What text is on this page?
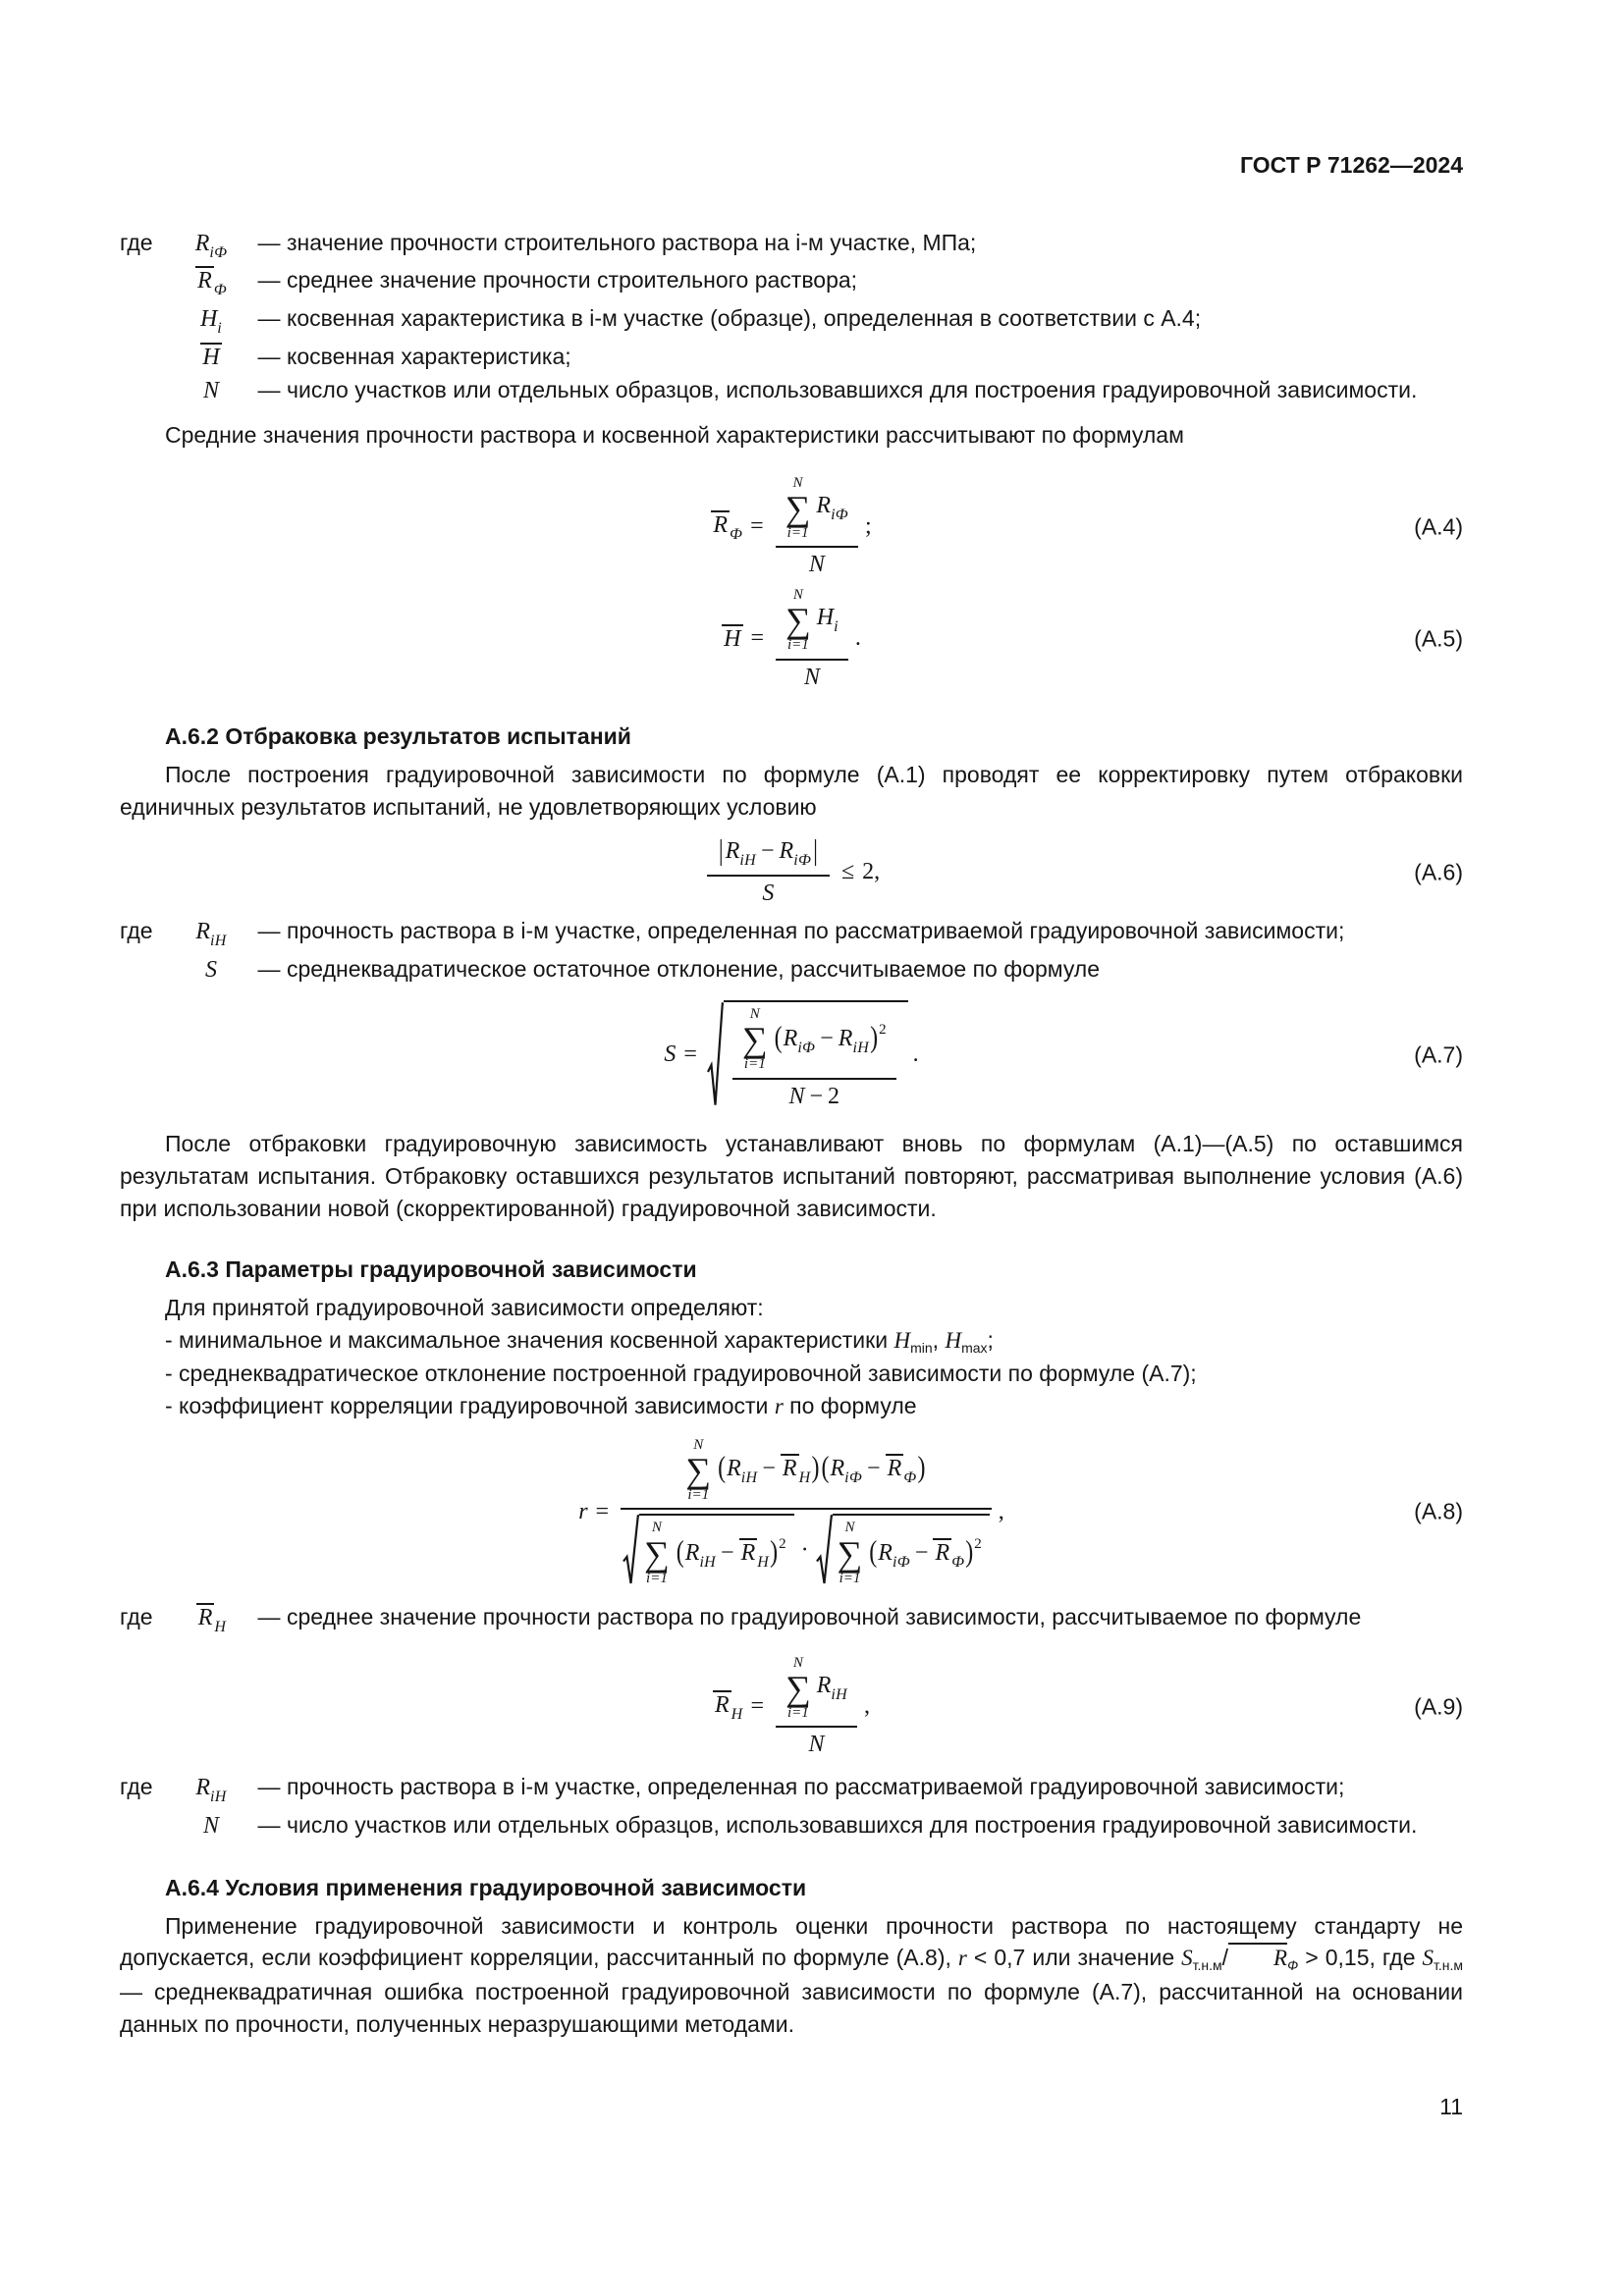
ГОСТ Р 71262—2024
где	$R_{iФ}$ — значение прочности строительного раствора на i-м участке, МПа;
R $_Ф$ — среднее значение прочности строительного раствора;
$H_i$ — косвенная характеристика в i-м участке (образце), определенная в соответствии с А.4;
H — косвенная характеристика;
N — число участков или отдельных образцов, использовавшихся для построения градуировочной зависимости.

Средние значения прочности раствора и косвенной характеристики рассчитывают по формулам

R $_Ф$ = N
∑
i=1
$R_{iФ}$
N ;	(А.4)
H = N
∑
i=1
$H_i$
N .	(А.5)
А.6.2 Отбраковка результатов испытаний

После построения градуировочной зависимости по формуле (А.1) проводят ее корректировку путем отбраковки единичных результатов испытаний, не удовлетворяющих условию

$\frac{|R_{iH} - R_{iФ}|}{S} \le 2$,	(А.6)
где	$R_{iH}$ — прочность раствора в i-м участке, определенная по рассматриваемой градуировочной зависимости;
S — среднеквадратическое остаточное отклонение, рассчитываемое по формуле
S =	N
∑
i=1
$(R_{iФ} - R_{iH})^2$
N − 2 .	(А.7)

После отбраковки градуировочную зависимость устанавливают вновь по формулам (А.1)—(А.5) по оставшимся результатам испытания. Отбраковку оставшихся результатов испытаний повторяют, рассматривая выполнение условия (А.6) при использовании новой (скорректированной) градуировочной зависимости.

А.6.3 Параметры градуировочной зависимости

Для принятой градуировочной зависимости определяют:

- минимальное и максимальное значения косвенной характеристики $H_{min}$, $H_{max}$;
- среднеквадратическое отклонение построенной градуировочной зависимости по формуле (А.7);
- коэффициент корреляции градуировочной зависимости r по формуле
r =
N
∑
i=1
($R_{iH} - R$ $_H)(R_{iФ} - R$ $_Ф$)
N
∑
i=1
($R_{iH} - R$ $_H$)$^2$ ·
N
∑
i=1
($R_{iФ} - R$ $_Ф$)$^2$
,	(А.8)
где	R $_H$ — среднее значение прочности раствора по градуировочной зависимости, рассчитываемое по формуле
R $_H$ = N
∑
i=1
$R_{iH}$
N ,	(А.9)
где	$R_{iH}$ — прочность раствора в i-м участке, определенная по рассматриваемой градуировочной зависимости;
N — число участков или отдельных образцов, использовавшихся для построения градуировочной зависимости.
А.6.4 Условия применения градуировочной зависимости

Применение градуировочной зависимости и контроль оценки прочности раствора по настоящему стандарту не допускается, если коэффициент корреляции, рассчитанный по формуле (А.8), r < 0,7 или значение $S_{т.н.м}/$ $R_Ф > 0,15$, где $S_{т.н.м}$ — среднеквадратичная ошибка построенной градуировочной зависимости по формуле (А.7), рассчитанной на основании данных по прочности, полученных неразрушающими методами.

11
